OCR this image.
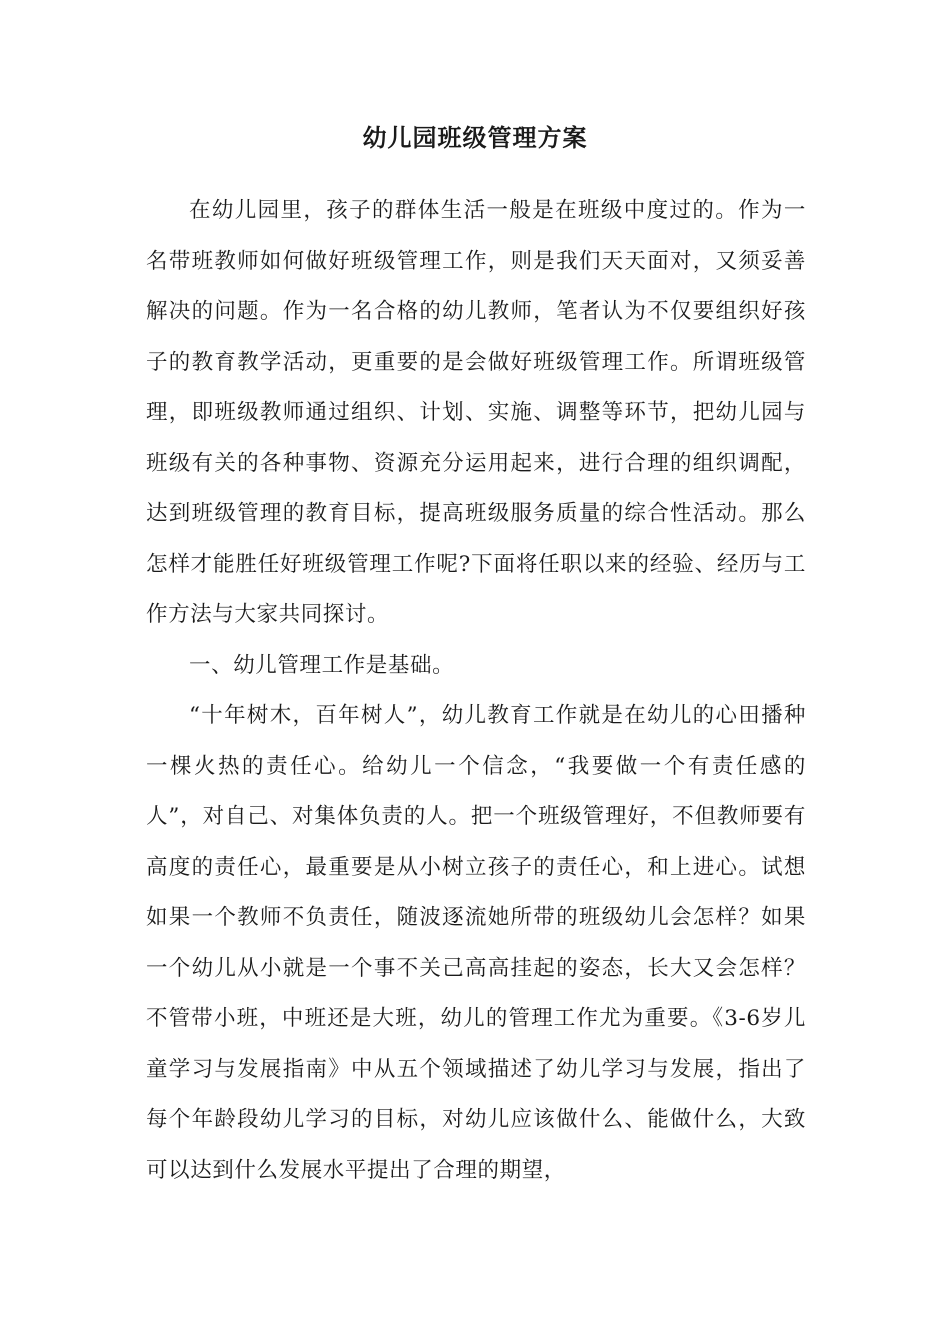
幼儿园班级管理方案

在幼儿园里，孩子的群体生活一般是在班级中度过的。作为一名带班教师如何做好班级管理工作，则是我们天天面对，又须妥善解决的问题。作为一名合格的幼儿教师，笔者认为不仅要组织好孩子的教育教学活动，更重要的是会做好班级管理工作。所谓班级管理，即班级教师通过组织、计划、实施、调整等环节，把幼儿园与班级有关的各种事物、资源充分运用起来，进行合理的组织调配，达到班级管理的教育目标，提高班级服务质量的综合性活动。那么怎样才能胜任好班级管理工作呢?下面将任职以来的经验、经历与工作方法与大家共同探讨。

一、幼儿管理工作是基础。

“十年树木，百年树人”，幼儿教育工作就是在幼儿的心田播种一棵火热的责任心。给幼儿一个信念，“我要做一个有责任感的人”，对自己、对集体负责的人。把一个班级管理好，不但教师要有高度的责任心，最重要是从小树立孩子的责任心，和上进心。试想如果一个教师不负责任，随波逐流她所带的班级幼儿会怎样？如果一个幼儿从小就是一个事不关己高高挂起的姿态，长大又会怎样？不管带小班，中班还是大班，幼儿的管理工作尤为重要。《3-6岁儿童学习与发展指南》中从五个领域描述了幼儿学习与发展，指出了每个年龄段幼儿学习的目标，对幼儿应该做什么、能做什么，大致可以达到什么发展水平提出了合理的期望，
